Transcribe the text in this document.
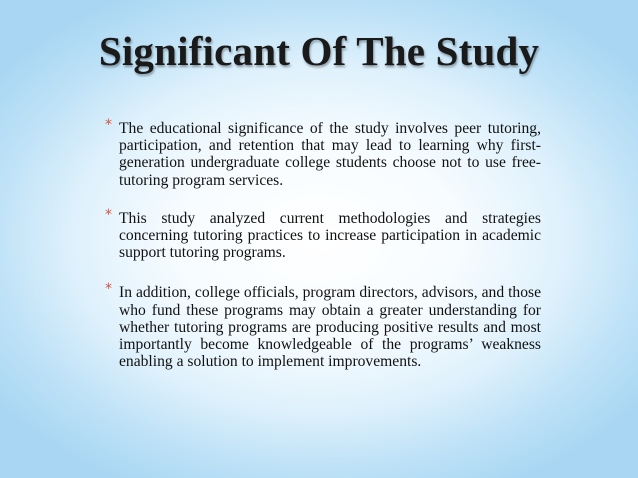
Significant Of The Study
* The educational significance of the study involves peer tutoring, participation, and retention that may lead to learning why first-generation undergraduate college students choose not to use free-tutoring program services.
* This study analyzed current methodologies and strategies concerning tutoring practices to increase participation in academic support tutoring programs.
* In addition, college officials, program directors, advisors, and those who fund these programs may obtain a greater understanding for whether tutoring programs are producing positive results and most importantly become knowledgeable of the programs’ weakness enabling a solution to implement improvements.
